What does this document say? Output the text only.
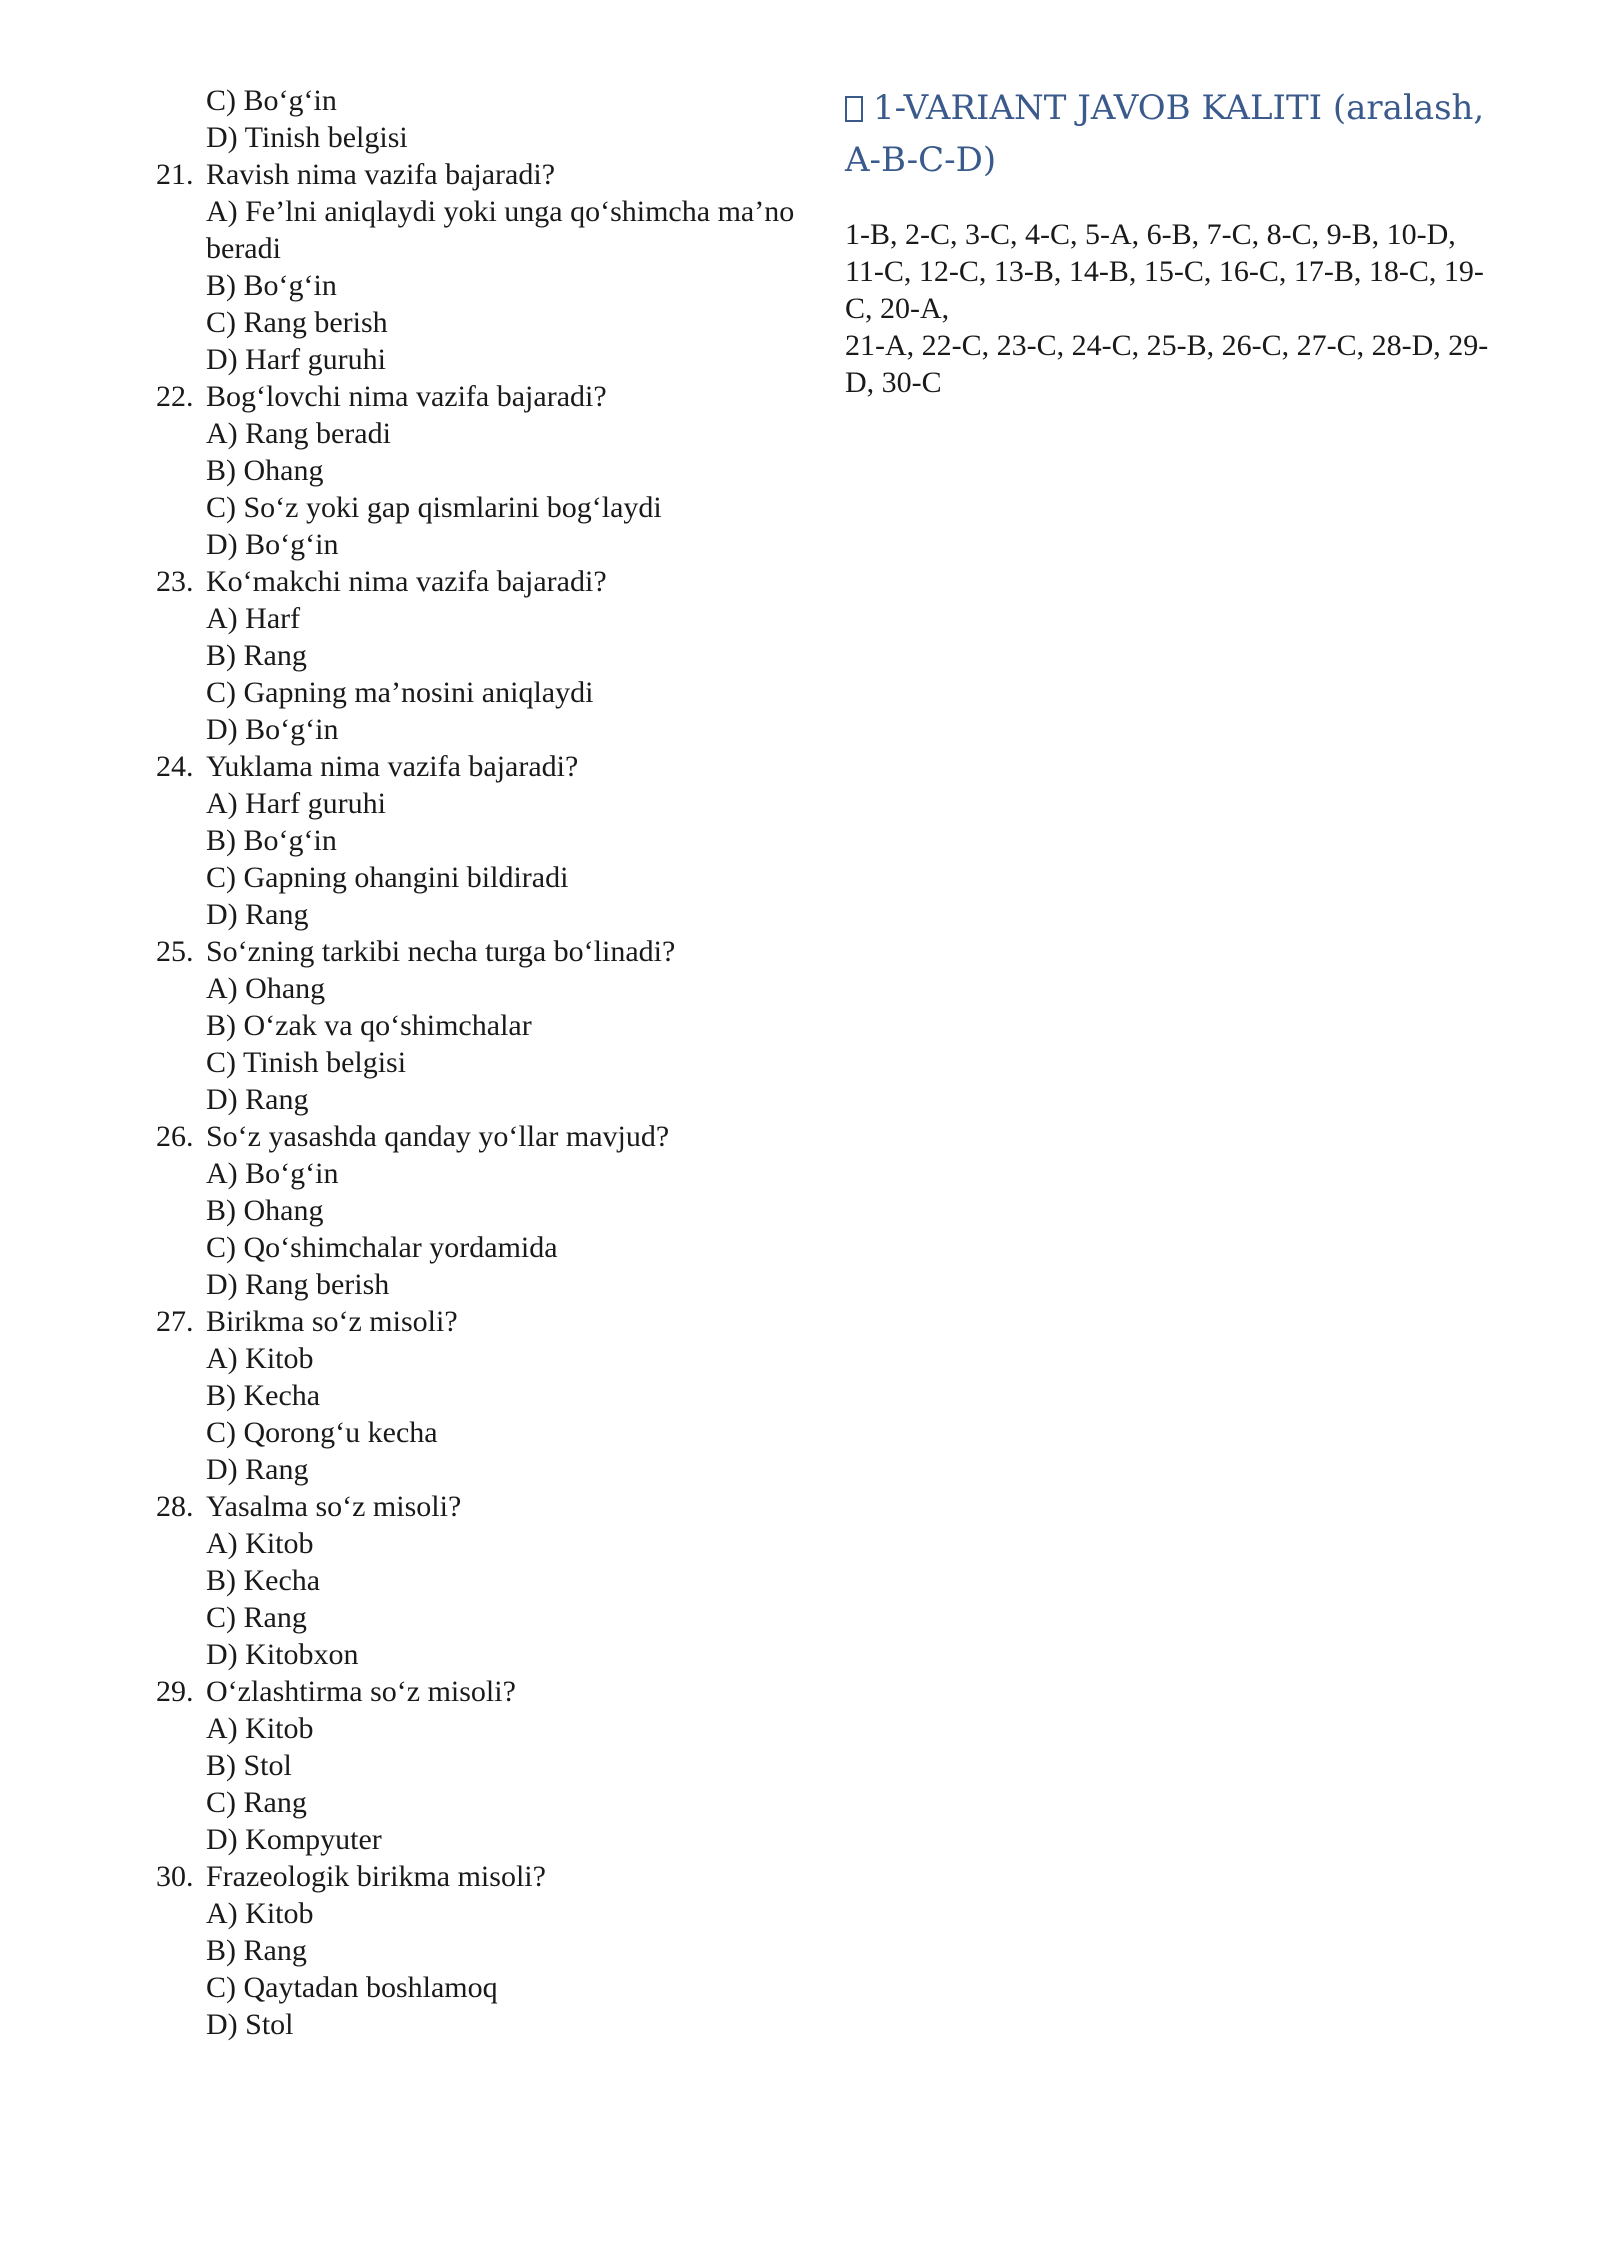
C) Bo‘g‘in
D) Tinish belgisi
21. Ravish nima vazifa bajaradi?
A) Fe’lni aniqlaydi yoki unga qo‘shimcha ma’no beradi
B) Bo‘g‘in
C) Rang berish
D) Harf guruhi
22. Bog‘lovchi nima vazifa bajaradi?
A) Rang beradi
B) Ohang
C) So‘z yoki gap qismlarini bog‘laydi
D) Bo‘g‘in
23. Ko‘makchi nima vazifa bajaradi?
A) Harf
B) Rang
C) Gapning ma’nosini aniqlaydi
D) Bo‘g‘in
24. Yuklama nima vazifa bajaradi?
A) Harf guruhi
B) Bo‘g‘in
C) Gapning ohangini bildiradi
D) Rang
25. So‘zning tarkibi necha turga bo‘linadi?
A) Ohang
B) O‘zak va qo‘shimchalar
C) Tinish belgisi
D) Rang
26. So‘z yasashda qanday yo‘llar mavjud?
A) Bo‘g‘in
B) Ohang
C) Qo‘shimchalar yordamida
D) Rang berish
27. Birikma so‘z misoli?
A) Kitob
B) Kecha
C) Qorong‘u kecha
D) Rang
28. Yasalma so‘z misoli?
A) Kitob
B) Kecha
C) Rang
D) Kitobxon
29. O‘zlashtirma so‘z misoli?
A) Kitob
B) Stol
C) Rang
D) Kompyuter
30. Frazeologik birikma misoli?
A) Kitob
B) Rang
C) Qaytadan boshlamoq
D) Stol
1-VARIANT JAVOB KALITI (aralash, A-B-C-D)
1-B, 2-C, 3-C, 4-C, 5-A, 6-B, 7-C, 8-C, 9-B, 10-D,
11-C, 12-C, 13-B, 14-B, 15-C, 16-C, 17-B, 18-C, 19-C, 20-A,
21-A, 22-C, 23-C, 24-C, 25-B, 26-C, 27-C, 28-D, 29-D, 30-C
